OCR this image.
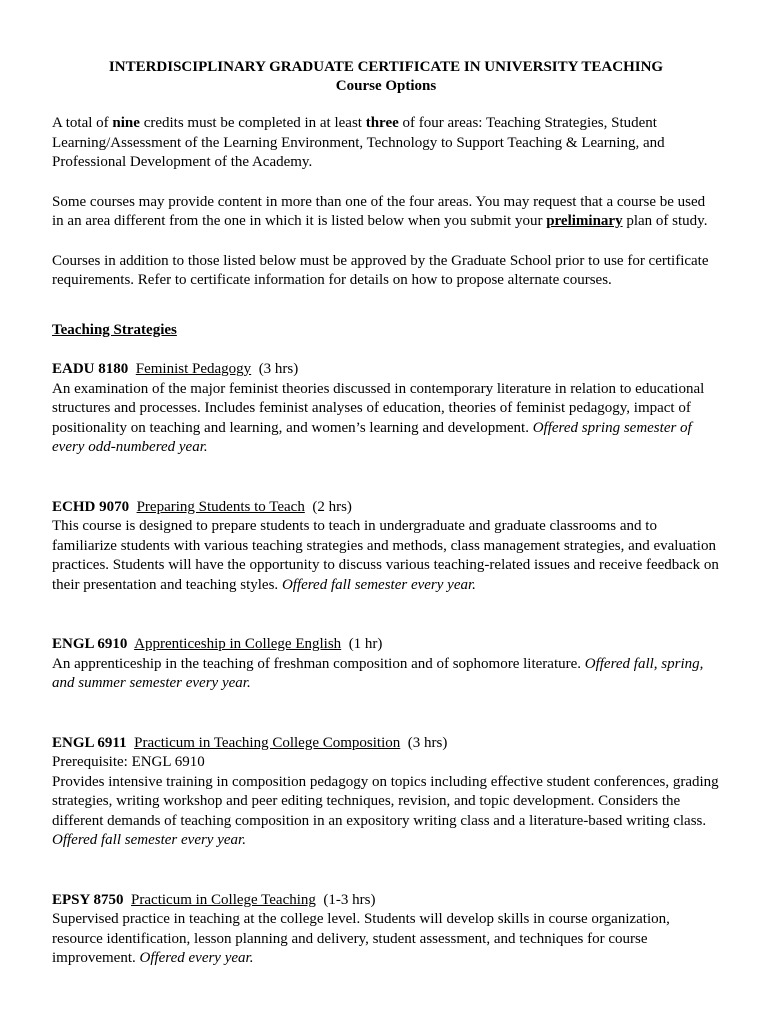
INTERDISCIPLINARY GRADUATE CERTIFICATE IN UNIVERSITY TEACHING

Course Options

A total of nine credits must be completed in at least three of four areas: Teaching Strategies, Student Learning/Assessment of the Learning Environment, Technology to Support Teaching & Learning, and Professional Development of the Academy.

Some courses may provide content in more than one of the four areas. You may request that a course be used in an area different from the one in which it is listed below when you submit your preliminary plan of study.

Courses in addition to those listed below must be approved by the Graduate School prior to use for certificate requirements. Refer to certificate information for details on how to propose alternate courses.

Teaching Strategies

EADU 8180 Feminist Pedagogy (3 hrs)

An examination of the major feminist theories discussed in contemporary literature in relation to educational structures and processes. Includes feminist analyses of education, theories of feminist pedagogy, impact of positionality on teaching and learning, and women’s learning and development. Offered spring semester of every odd-numbered year.

ECHD 9070 Preparing Students to Teach (2 hrs)

This course is designed to prepare students to teach in undergraduate and graduate classrooms and to familiarize students with various teaching strategies and methods, class management strategies, and evaluation practices. Students will have the opportunity to discuss various teaching-related issues and receive feedback on their presentation and teaching styles. Offered fall semester every year.

ENGL 6910 Apprenticeship in College English (1 hr)

An apprenticeship in the teaching of freshman composition and of sophomore literature. Offered fall, spring, and summer semester every year.

ENGL 6911 Practicum in Teaching College Composition (3 hrs)

Prerequisite: ENGL 6910

Provides intensive training in composition pedagogy on topics including effective student conferences, grading strategies, writing workshop and peer editing techniques, revision, and topic development. Considers the different demands of teaching composition in an expository writing class and a literature-based writing class. Offered fall semester every year.

EPSY 8750 Practicum in College Teaching (1-3 hrs)

Supervised practice in teaching at the college level. Students will develop skills in course organization, resource identification, lesson planning and delivery, student assessment, and techniques for course improvement. Offered every year.
